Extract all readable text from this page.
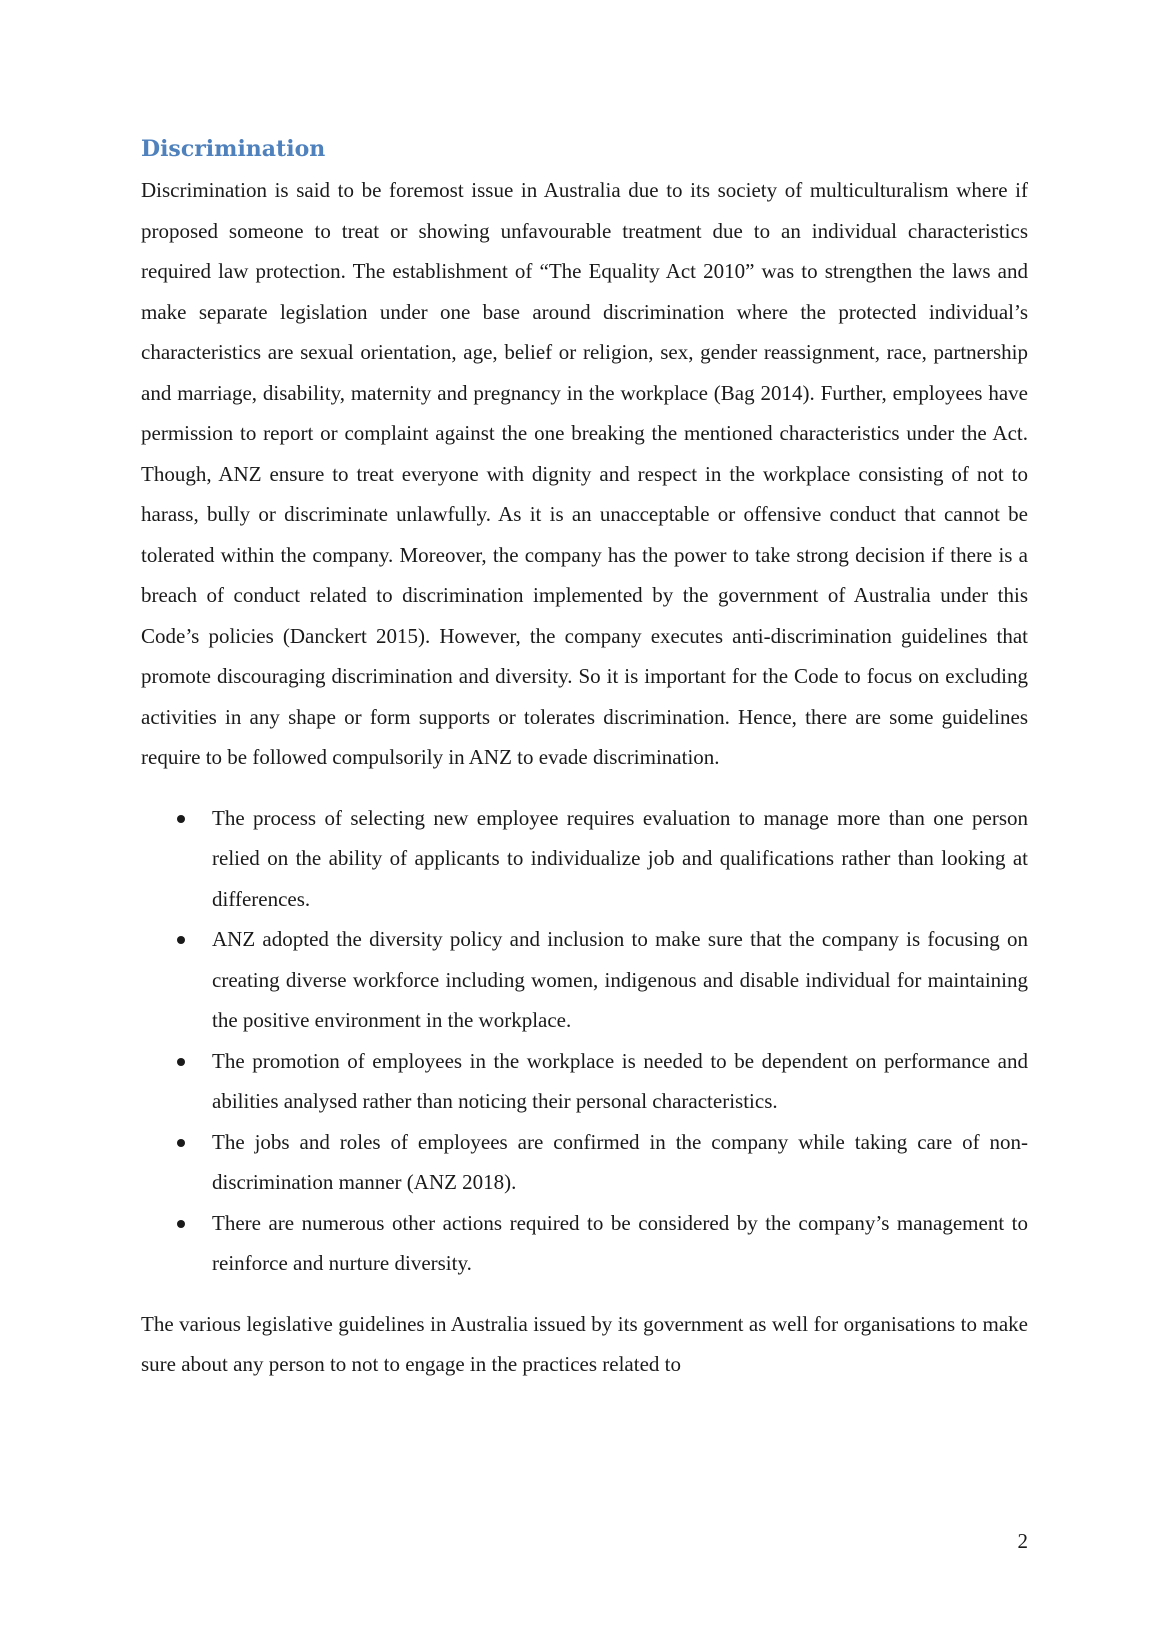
Discrimination

Discrimination is said to be foremost issue in Australia due to its society of multiculturalism where if proposed someone to treat or showing unfavourable treatment due to an individual characteristics required law protection. The establishment of “The Equality Act 2010” was to strengthen the laws and make separate legislation under one base around discrimination where the protected individual’s characteristics are sexual orientation, age, belief or religion, sex, gender reassignment, race, partnership and marriage, disability, maternity and pregnancy in the workplace (Bag 2014). Further, employees have permission to report or complaint against the one breaking the mentioned characteristics under the Act. Though, ANZ ensure to treat everyone with dignity and respect in the workplace consisting of not to harass, bully or discriminate unlawfully. As it is an unacceptable or offensive conduct that cannot be tolerated within the company. Moreover, the company has the power to take strong decision if there is a breach of conduct related to discrimination implemented by the government of Australia under this Code’s policies (Danckert 2015). However, the company executes anti-discrimination guidelines that promote discouraging discrimination and diversity. So it is important for the Code to focus on excluding activities in any shape or form supports or tolerates discrimination. Hence, there are some guidelines require to be followed compulsorily in ANZ to evade discrimination.

The process of selecting new employee requires evaluation to manage more than one person relied on the ability of applicants to individualize job and qualifications rather than looking at differences.
ANZ adopted the diversity policy and inclusion to make sure that the company is focusing on creating diverse workforce including women, indigenous and disable individual for maintaining the positive environment in the workplace.
The promotion of employees in the workplace is needed to be dependent on performance and abilities analysed rather than noticing their personal characteristics.
The jobs and roles of employees are confirmed in the company while taking care of non-discrimination manner (ANZ 2018).
There are numerous other actions required to be considered by the company’s management to reinforce and nurture diversity.

The various legislative guidelines in Australia issued by its government as well for organisations to make sure about any person to not to engage in the practices related to

2
